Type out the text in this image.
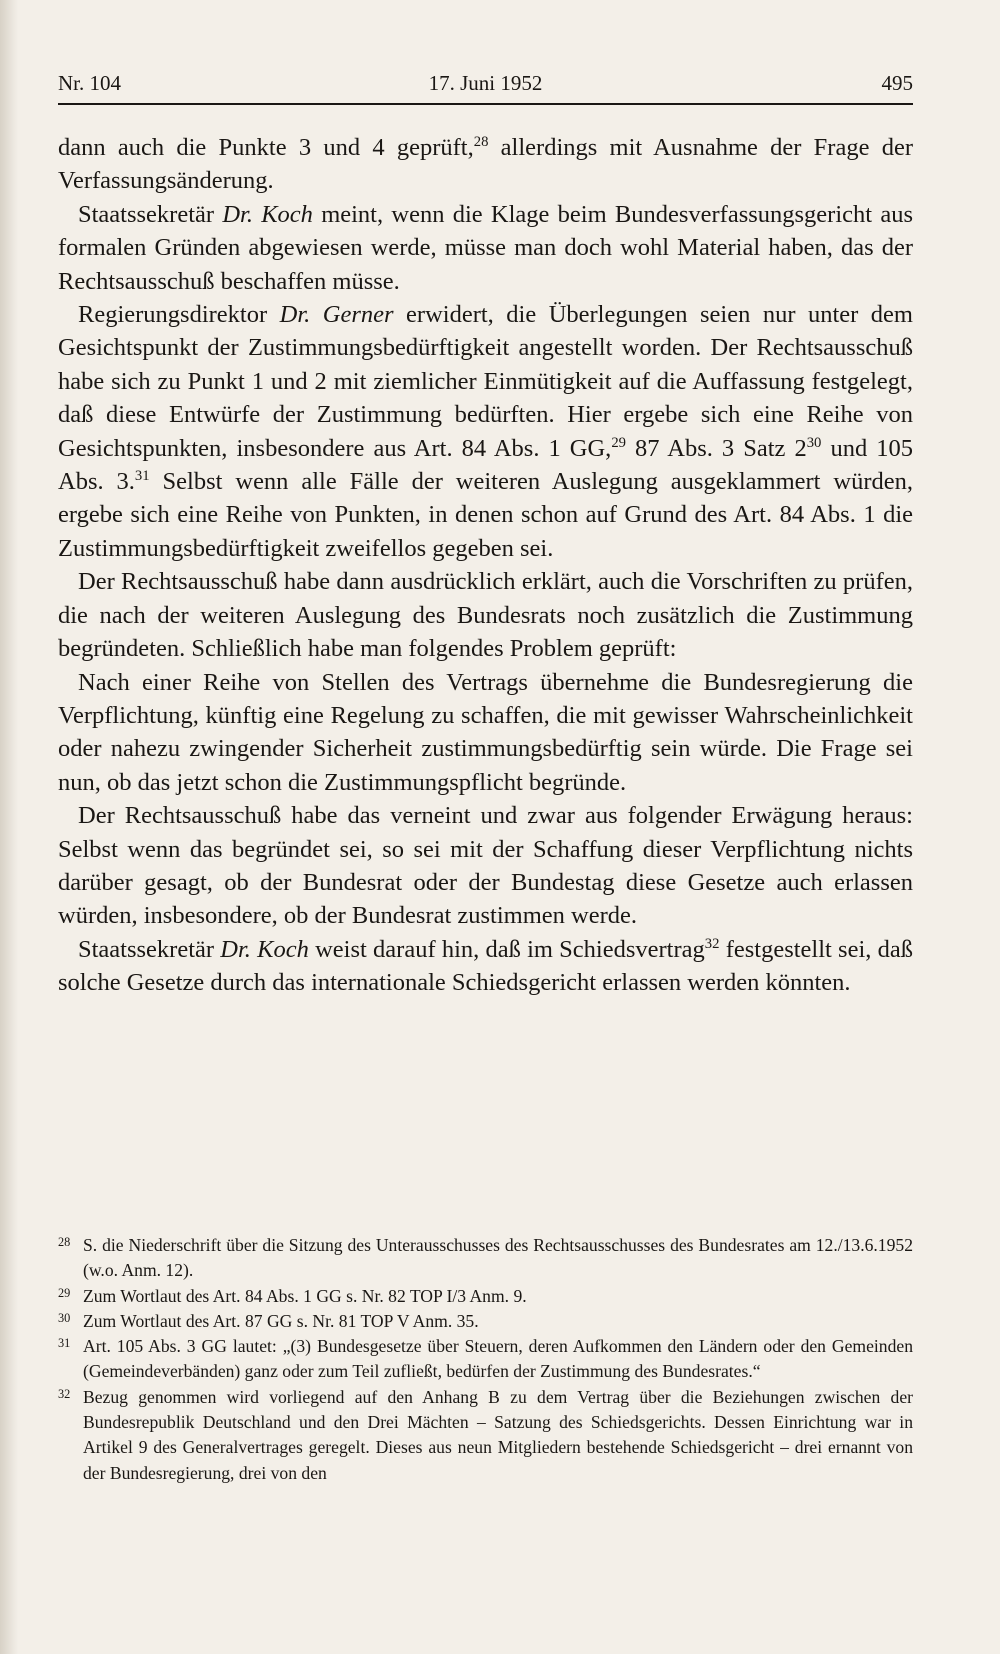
Nr. 104	17. Juni 1952	495

dann auch die Punkte 3 und 4 geprüft,$^{28}$ allerdings mit Ausnahme der Frage der Verfassungsänderung.

Staatssekretär Dr. Koch meint, wenn die Klage beim Bundesverfassungsgericht aus formalen Gründen abgewiesen werde, müsse man doch wohl Material haben, das der Rechtsausschuß beschaffen müsse.

Regierungsdirektor Dr. Gerner erwidert, die Überlegungen seien nur unter dem Gesichtspunkt der Zustimmungsbedürftigkeit angestellt worden. Der Rechtsausschuß habe sich zu Punkt 1 und 2 mit ziemlicher Einmütigkeit auf die Auffassung festgelegt, daß diese Entwürfe der Zustimmung bedürften. Hier ergebe sich eine Reihe von Gesichtspunkten, insbesondere aus Art. 84 Abs. 1 GG,$^{29}$ 87 Abs. 3 Satz $2^{30}$ und 105 Abs. 3.31 Selbst wenn alle Fälle der weiteren Auslegung ausgeklammert würden, ergebe sich eine Reihe von Punkten, in denen schon auf Grund des Art. 84 Abs. 1 die Zustimmungsbedürftigkeit zweifellos gegeben sei.

Der Rechtsausschuß habe dann ausdrücklich erklärt, auch die Vorschriften zu prüfen, die nach der weiteren Auslegung des Bundesrats noch zusätzlich die Zustimmung begründeten. Schließlich habe man folgendes Problem geprüft:

Nach einer Reihe von Stellen des Vertrags übernehme die Bundesregierung die Verpflichtung, künftig eine Regelung zu schaffen, die mit gewisser Wahrscheinlichkeit oder nahezu zwingender Sicherheit zustimmungsbedürftig sein würde. Die Frage sei nun, ob das jetzt schon die Zustimmungspflicht begründe.

Der Rechtsausschuß habe das verneint und zwar aus folgender Erwägung heraus: Selbst wenn das begründet sei, so sei mit der Schaffung dieser Verpflichtung nichts darüber gesagt, ob der Bundesrat oder der Bundestag diese Gesetze auch erlassen würden, insbesondere, ob der Bundesrat zustimmen werde.

Staatssekretär Dr. Koch weist darauf hin, daß im Schiedsvertrag$^{32}$ festgestellt sei, daß solche Gesetze durch das internationale Schiedsgericht erlassen werden könnten.

28 S. die Niederschrift über die Sitzung des Unterausschusses des Rechtsausschusses des Bundesrates am 12./13.6.1952 (w.o. Anm. 12).

29 Zum Wortlaut des Art. 84 Abs. 1 GG s. Nr. 82 TOP I/3 Anm. 9.

30 Zum Wortlaut des Art. 87 GG s. Nr. 81 TOP V Anm. 35.

31 Art. 105 Abs. 3 GG lautet: „(3) Bundesgesetze über Steuern, deren Aufkommen den Ländern oder den Gemeinden (Gemeindeverbänden) ganz oder zum Teil zufließt, bedürfen der Zustimmung des Bundesrates.“

32 Bezug genommen wird vorliegend auf den Anhang B zu dem Vertrag über die Beziehungen zwischen der Bundesrepublik Deutschland und den Drei Mächten – Satzung des Schiedsgerichts. Dessen Einrichtung war in Artikel 9 des Generalvertrages geregelt. Dieses aus neun Mitgliedern bestehende Schiedsgericht – drei ernannt von der Bundesregierung, drei von den
